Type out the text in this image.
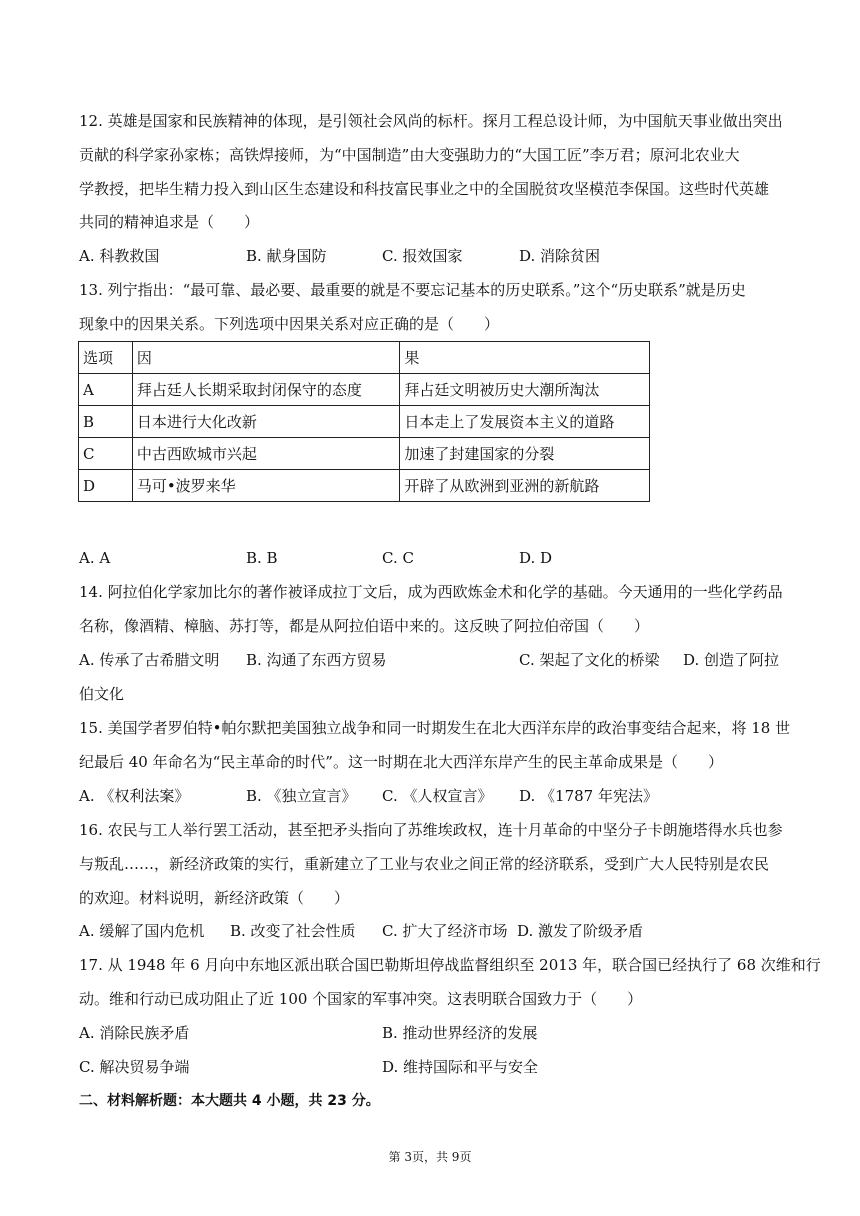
12. 英雄是国家和民族精神的体现，是引领社会风尚的标杆。探月工程总设计师，为中国航天事业做出突出
贡献的科学家孙家栋；高铁焊接师，为“中国制造”由大变强助力的“大国工匠”李万君；原河北农业大
学教授，把毕生精力投入到山区生态建设和科技富民事业之中的全国脱贫攻坚模范李保国。这些时代英雄
共同的精神追求是（　　）
A. 科教救国	B. 献身国防	C. 报效国家	D. 消除贫困
13. 列宁指出：“最可靠、最必要、最重要的就是不要忘记基本的历史联系。”这个“历史联系”就是历史
现象中的因果关系。下列选项中因果关系对应正确的是（　　）
选项	因	果
A	拜占廷人长期采取封闭保守的态度	拜占廷文明被历史大潮所淘汰
B	日本进行大化改新	日本走上了发展资本主义的道路
C	中古西欧城市兴起	加速了封建国家的分裂
D	马可•波罗来华	开辟了从欧洲到亚洲的新航路
A. A	B. B	C. C	D. D
14. 阿拉伯化学家加比尔的著作被译成拉丁文后，成为西欧炼金术和化学的基础。今天通用的一些化学药品
名称，像酒精、樟脑、苏打等，都是从阿拉伯语中来的。这反映了阿拉伯帝国（　　）
A. 传承了古希腊文明 B. 沟通了东西方贸易	C. 架起了文化的桥梁 D. 创造了阿拉
伯文化
15. 美国学者罗伯特•帕尔默把美国独立战争和同一时期发生在北大西洋东岸的政治事变结合起来，将 18 世
纪最后 40 年命名为“民主革命的时代”。这一时期在北大西洋东岸产生的民主革命成果是（　　）
A. 《权利法案》	B. 《独立宣言》 C. 《人权宣言》 D. 《1787 年宪法》
16. 农民与工人举行罢工活动，甚至把矛头指向了苏维埃政权，连十月革命的中坚分子卡朗施塔得水兵也参
与叛乱……，新经济政策的实行，重新建立了工业与农业之间正常的经济联系，受到广大人民特别是农民
的欢迎。材料说明，新经济政策（　　）
A. 缓解了国内危机 B. 改变了社会性质 C. 扩大了经济市场 D. 激发了阶级矛盾
17. 从 1948 年 6 月向中东地区派出联合国巴勒斯坦停战监督组织至 2013 年，联合国已经执行了 68 次维和行
动。维和行动已成功阻止了近 100 个国家的军事冲突。这表明联合国致力于（　　）
A. 消除民族矛盾	B. 推动世界经济的发展
C. 解决贸易争端	D. 维持国际和平与安全
二、材料解析题：本大题共 4 小题，共 23 分。
第 3页，共 9页
